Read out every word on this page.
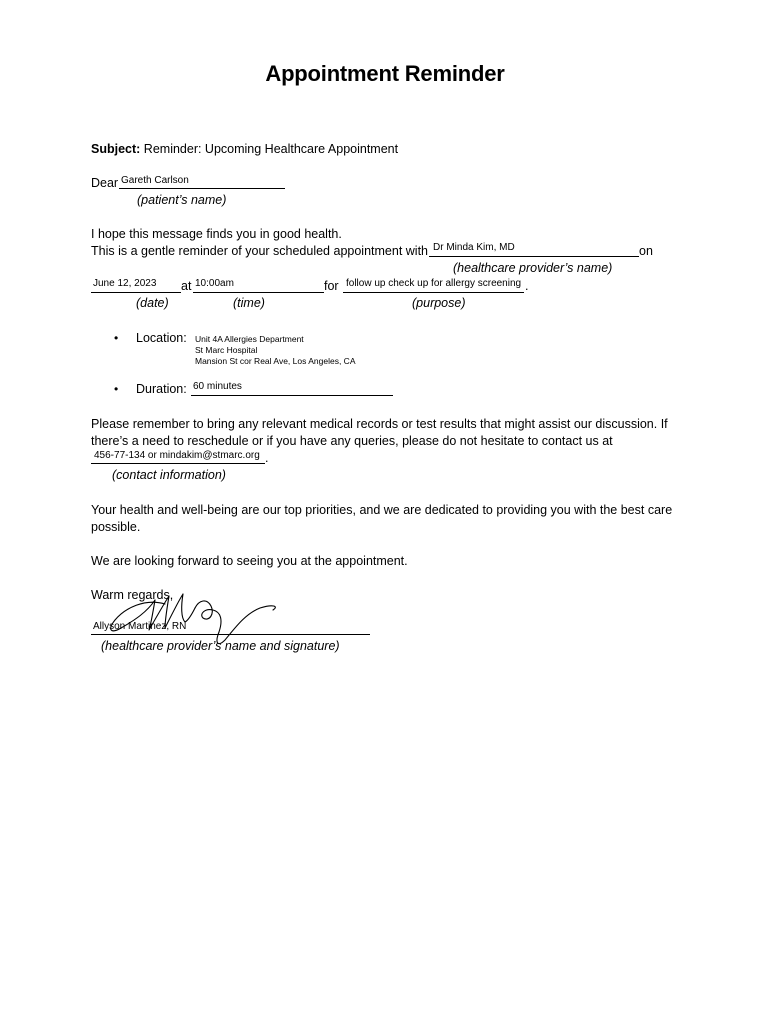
Appointment Reminder
Subject: Reminder: Upcoming Healthcare Appointment
Dear Gareth Carlson
(patient’s name)
I hope this message finds you in good health.
This is a gentle reminder of your scheduled appointment with Dr Minda Kim, MD	on
(healthcare provider’s name)
June 12, 2023 at 10:00am	for follow up check up for allergy screening .
(date)	(time)	(purpose)
• Location: Unit 4A Allergies Department
St Marc Hospital
Mansion St cor Real Ave, Los Angeles, CA
• Duration: 60 minutes
Please remember to bring any relevant medical records or test results that might assist our discussion. If there’s a need to reschedule or if you have any queries, please do not hesitate to contact us at
456-77-134 or mindakim@stmarc.org .
(contact information)
Your health and well-being are our top priorities, and we are dedicated to providing you with the best care possible.
We are looking forward to seeing you at the appointment.
Warm regards,
Allyson Martinez, RN
(healthcare provider’s name and signature)
